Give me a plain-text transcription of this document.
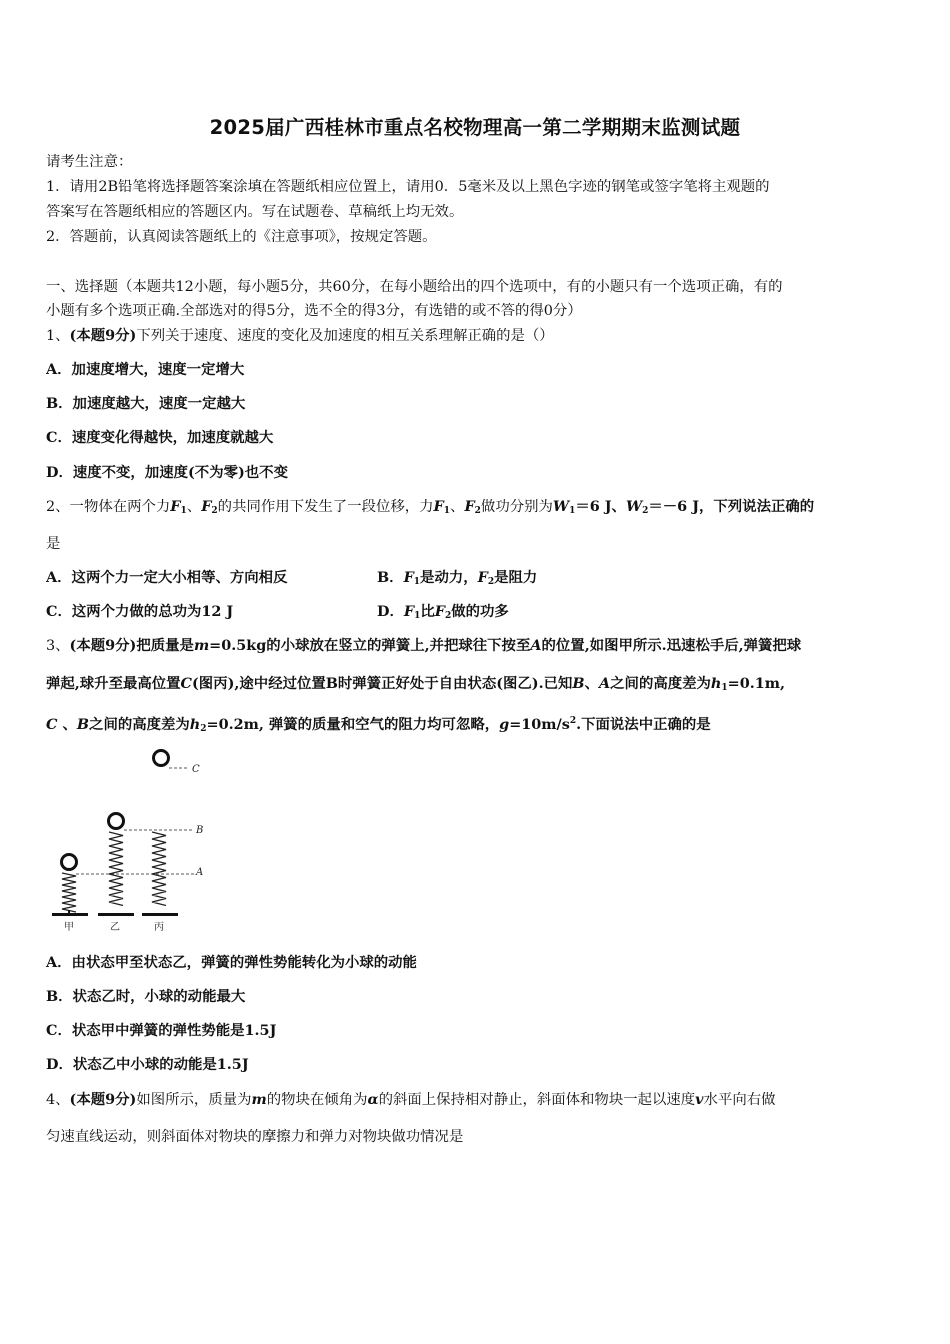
2025届广西桂林市重点名校物理高一第二学期期末监测试题
请考生注意：
1．请用2B铅笔将选择题答案涂填在答题纸相应位置上，请用0．5毫米及以上黑色字迹的钢笔或签字笔将主观题的
答案写在答题纸相应的答题区内。写在试题卷、草稿纸上均无效。
2．答题前，认真阅读答题纸上的《注意事项》，按规定答题。
一、选择题（本题共12小题，每小题5分，共60分，在每小题给出的四个选项中，有的小题只有一个选项正确，有的
小题有多个选项正确.全部选对的得5分，选不全的得3分，有选错的或不答的得0分）
1、(本题9分)下列关于速度、速度的变化及加速度的相互关系理解正确的是（）
A．加速度增大，速度一定增大
B．加速度越大，速度一定越大
C．速度变化得越快，加速度就越大
D．速度不变，加速度(不为零)也不变
2、一物体在两个力$F_1$、$F_2$的共同作用下发生了一段位移，力$F_1$、$F_2$做功分别为$W_1=6$ J、$W_2=-6$ J，下列说法正确的
是
A．这两个力一定大小相等、方向相反	B．$F_1$是动力，$F_2$是阻力
C．这两个力做的总功为12 J	D．$F_1$比$F_2$做的功多
3、(本题9分)把质量是m=0.5kg的小球放在竖立的弹簧上,并把球往下按至A的位置,如图甲所示.迅速松手后,弹簧把球
弹起,球升至最高位置C(图丙),途中经过位置B时弹簧正好处于自由状态(图乙).已知B、A之间的高度差为$h_1=0.1m$,
C 、B之间的高度差为$h_2=0.2m$, 弹簧的质量和空气的阻力均可忽略，$g=10m/s^2$.下面说法中正确的是
C
B
A
甲	乙	丙
A．由状态甲至状态乙，弹簧的弹性势能转化为小球的动能
B．状态乙时，小球的动能最大
C．状态甲中弹簧的弹性势能是1.5J
D．状态乙中小球的动能是1.5J
4、(本题9分)如图所示，质量为m的物块在倾角为α的斜面上保持相对静止，斜面体和物块一起以速度v水平向右做
匀速直线运动，则斜面体对物块的摩擦力和弹力对物块做功情况是
